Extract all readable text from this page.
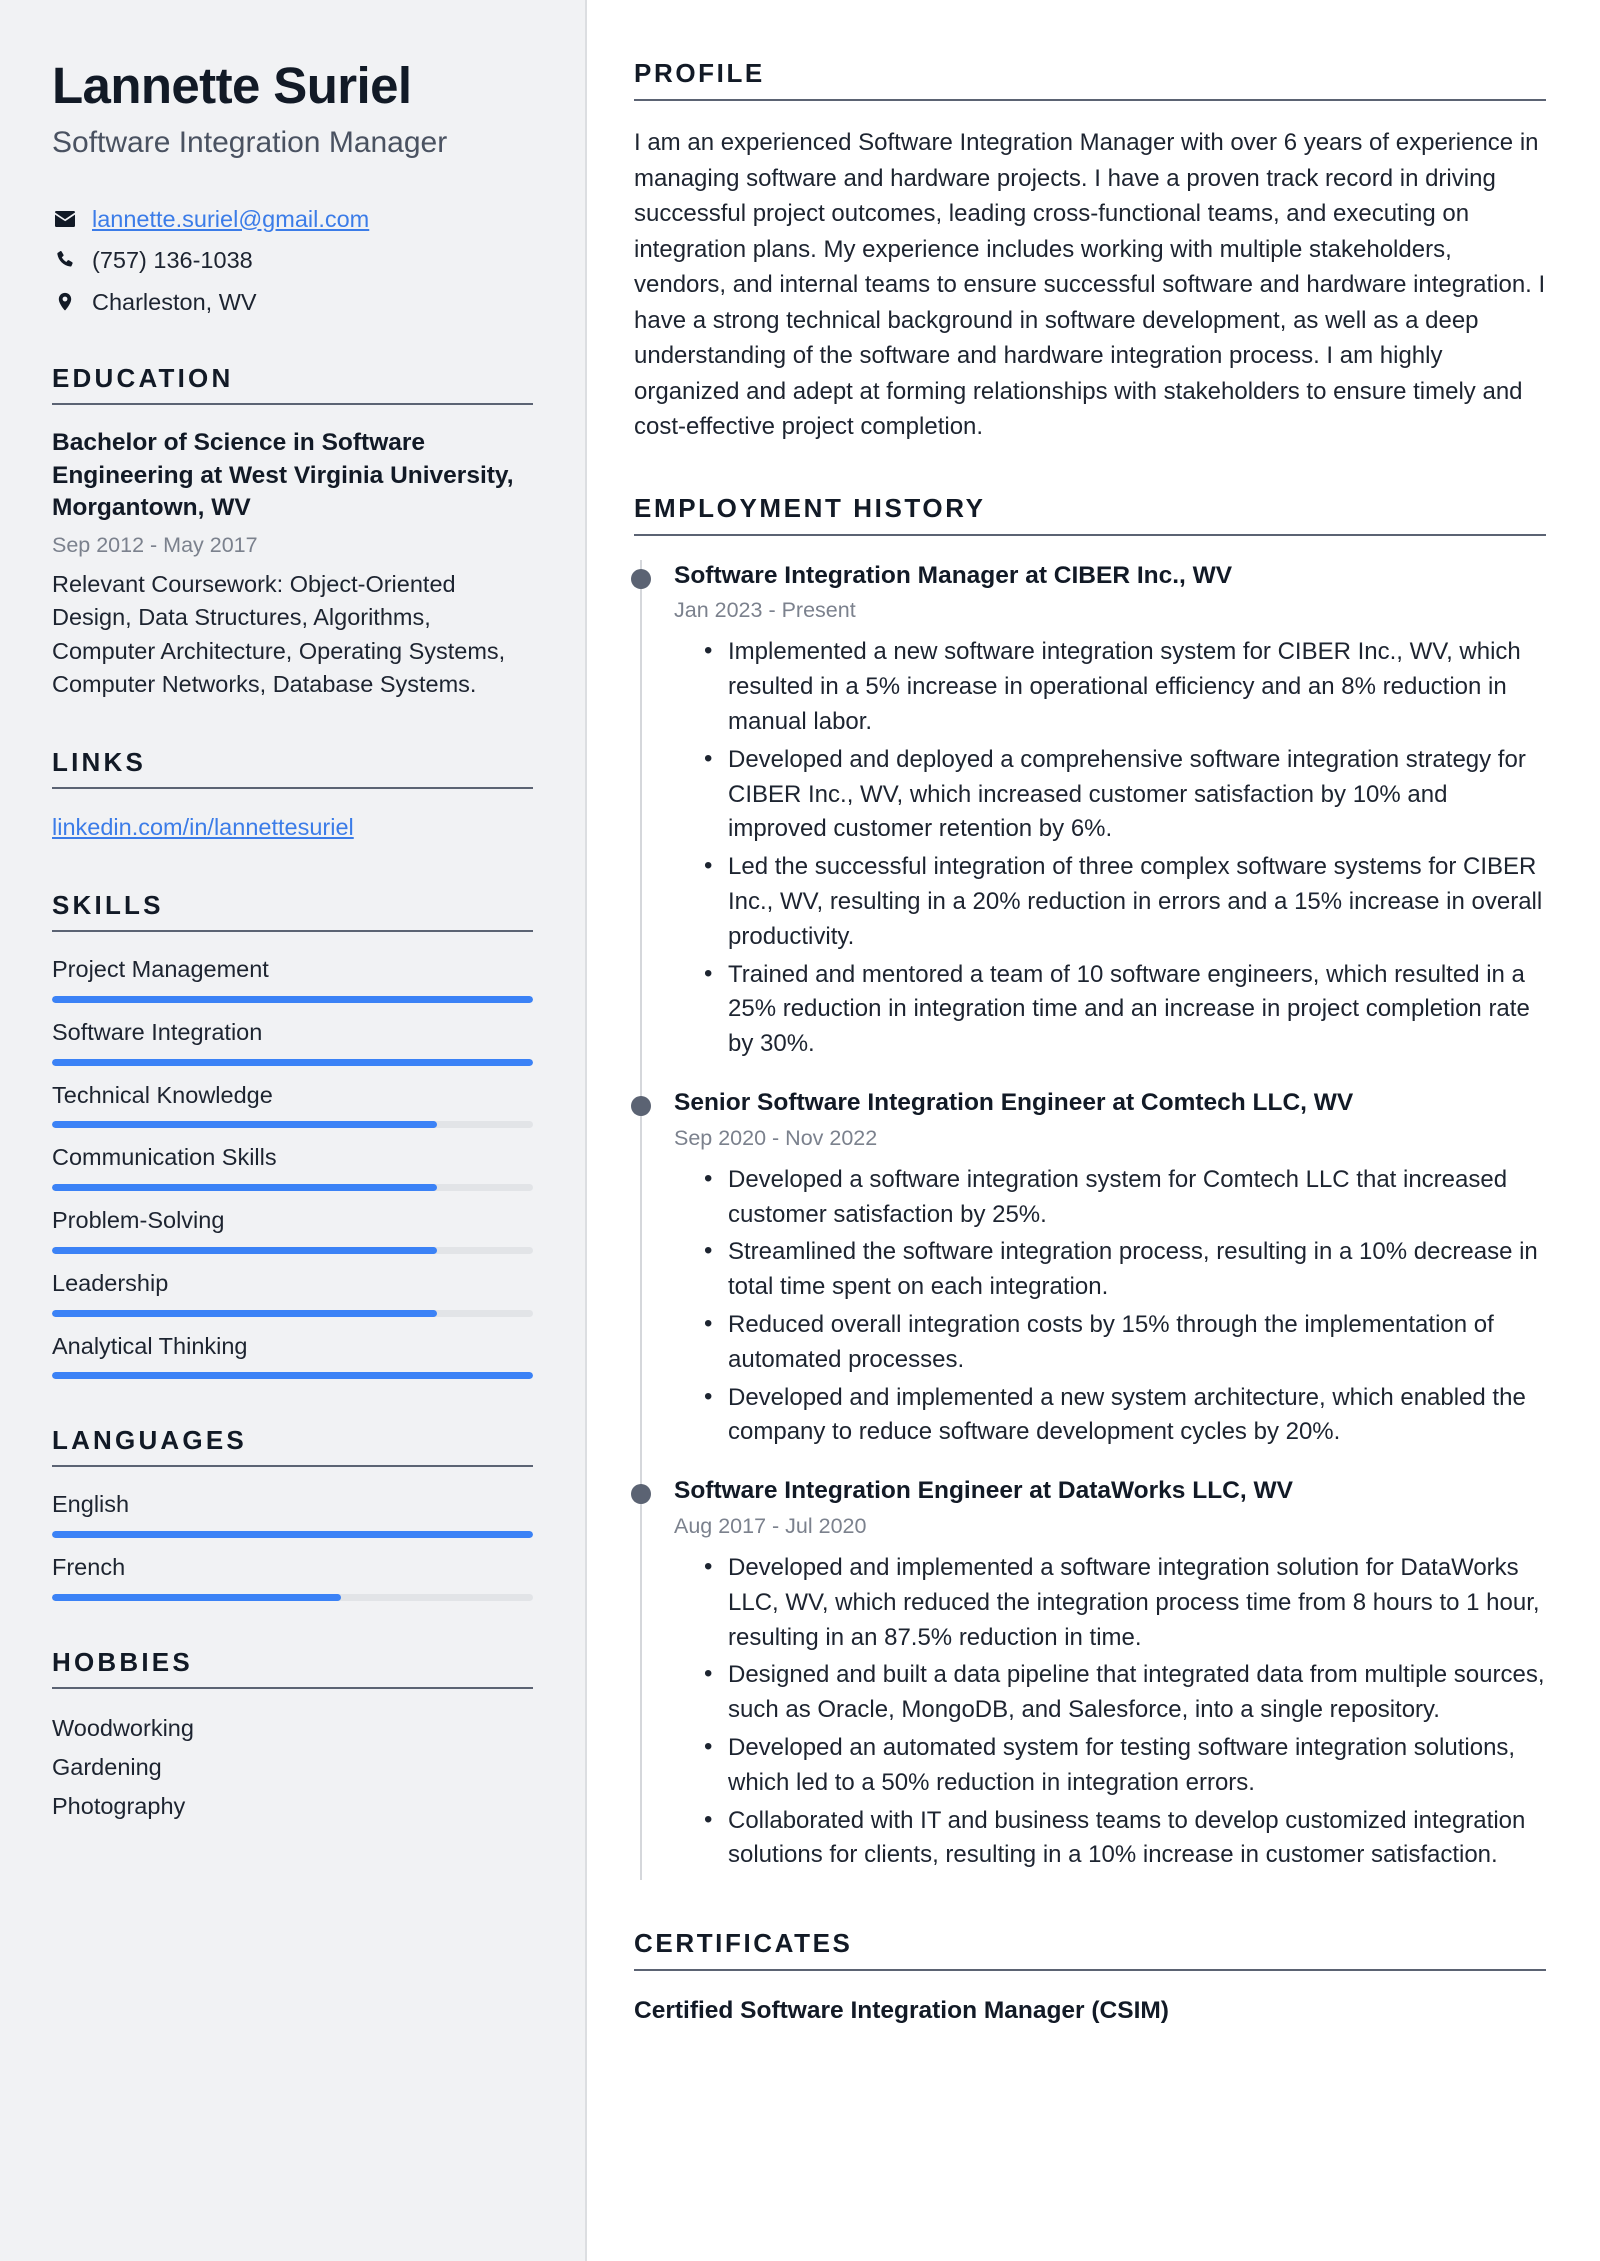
Lannette Suriel
Software Integration Manager
lannette.suriel@gmail.com
(757) 136-1038
Charleston, WV
EDUCATION
Bachelor of Science in Software Engineering at West Virginia University, Morgantown, WV
Sep 2012 - May 2017
Relevant Coursework: Object-Oriented Design, Data Structures, Algorithms, Computer Architecture, Operating Systems, Computer Networks, Database Systems.
LINKS
linkedin.com/in/lannettesuriel
SKILLS
Project Management
Software Integration
Technical Knowledge
Communication Skills
Problem-Solving
Leadership
Analytical Thinking
LANGUAGES
English
French
HOBBIES
Woodworking
Gardening
Photography
PROFILE

I am an experienced Software Integration Manager with over 6 years of experience in managing software and hardware projects. I have a proven track record in driving successful project outcomes, leading cross-functional teams, and executing on integration plans. My experience includes working with multiple stakeholders, vendors, and internal teams to ensure successful software and hardware integration. I have a strong technical background in software development, as well as a deep understanding of the software and hardware integration process. I am highly organized and adept at forming relationships with stakeholders to ensure timely and cost-effective project completion.

EMPLOYMENT HISTORY
Software Integration Manager at CIBER Inc., WV
Jan 2023 - Present
• Implemented a new software integration system for CIBER Inc., WV, which resulted in a 5% increase in operational efficiency and an 8% reduction in manual labor.
• Developed and deployed a comprehensive software integration strategy for CIBER Inc., WV, which increased customer satisfaction by 10% and improved customer retention by 6%.
• Led the successful integration of three complex software systems for CIBER Inc., WV, resulting in a 20% reduction in errors and a 15% increase in overall productivity.
• Trained and mentored a team of 10 software engineers, which resulted in a 25% reduction in integration time and an increase in project completion rate by 30%.
Senior Software Integration Engineer at Comtech LLC, WV
Sep 2020 - Nov 2022
• Developed a software integration system for Comtech LLC that increased customer satisfaction by 25%.
• Streamlined the software integration process, resulting in a 10% decrease in total time spent on each integration.
• Reduced overall integration costs by 15% through the implementation of automated processes.
• Developed and implemented a new system architecture, which enabled the company to reduce software development cycles by 20%.
Software Integration Engineer at DataWorks LLC, WV
Aug 2017 - Jul 2020
• Developed and implemented a software integration solution for DataWorks LLC, WV, which reduced the integration process time from 8 hours to 1 hour, resulting in an 87.5% reduction in time.
• Designed and built a data pipeline that integrated data from multiple sources, such as Oracle, MongoDB, and Salesforce, into a single repository.
• Developed an automated system for testing software integration solutions, which led to a 50% reduction in integration errors.
• Collaborated with IT and business teams to develop customized integration solutions for clients, resulting in a 10% increase in customer satisfaction.
CERTIFICATES
Certified Software Integration Manager (CSIM)
